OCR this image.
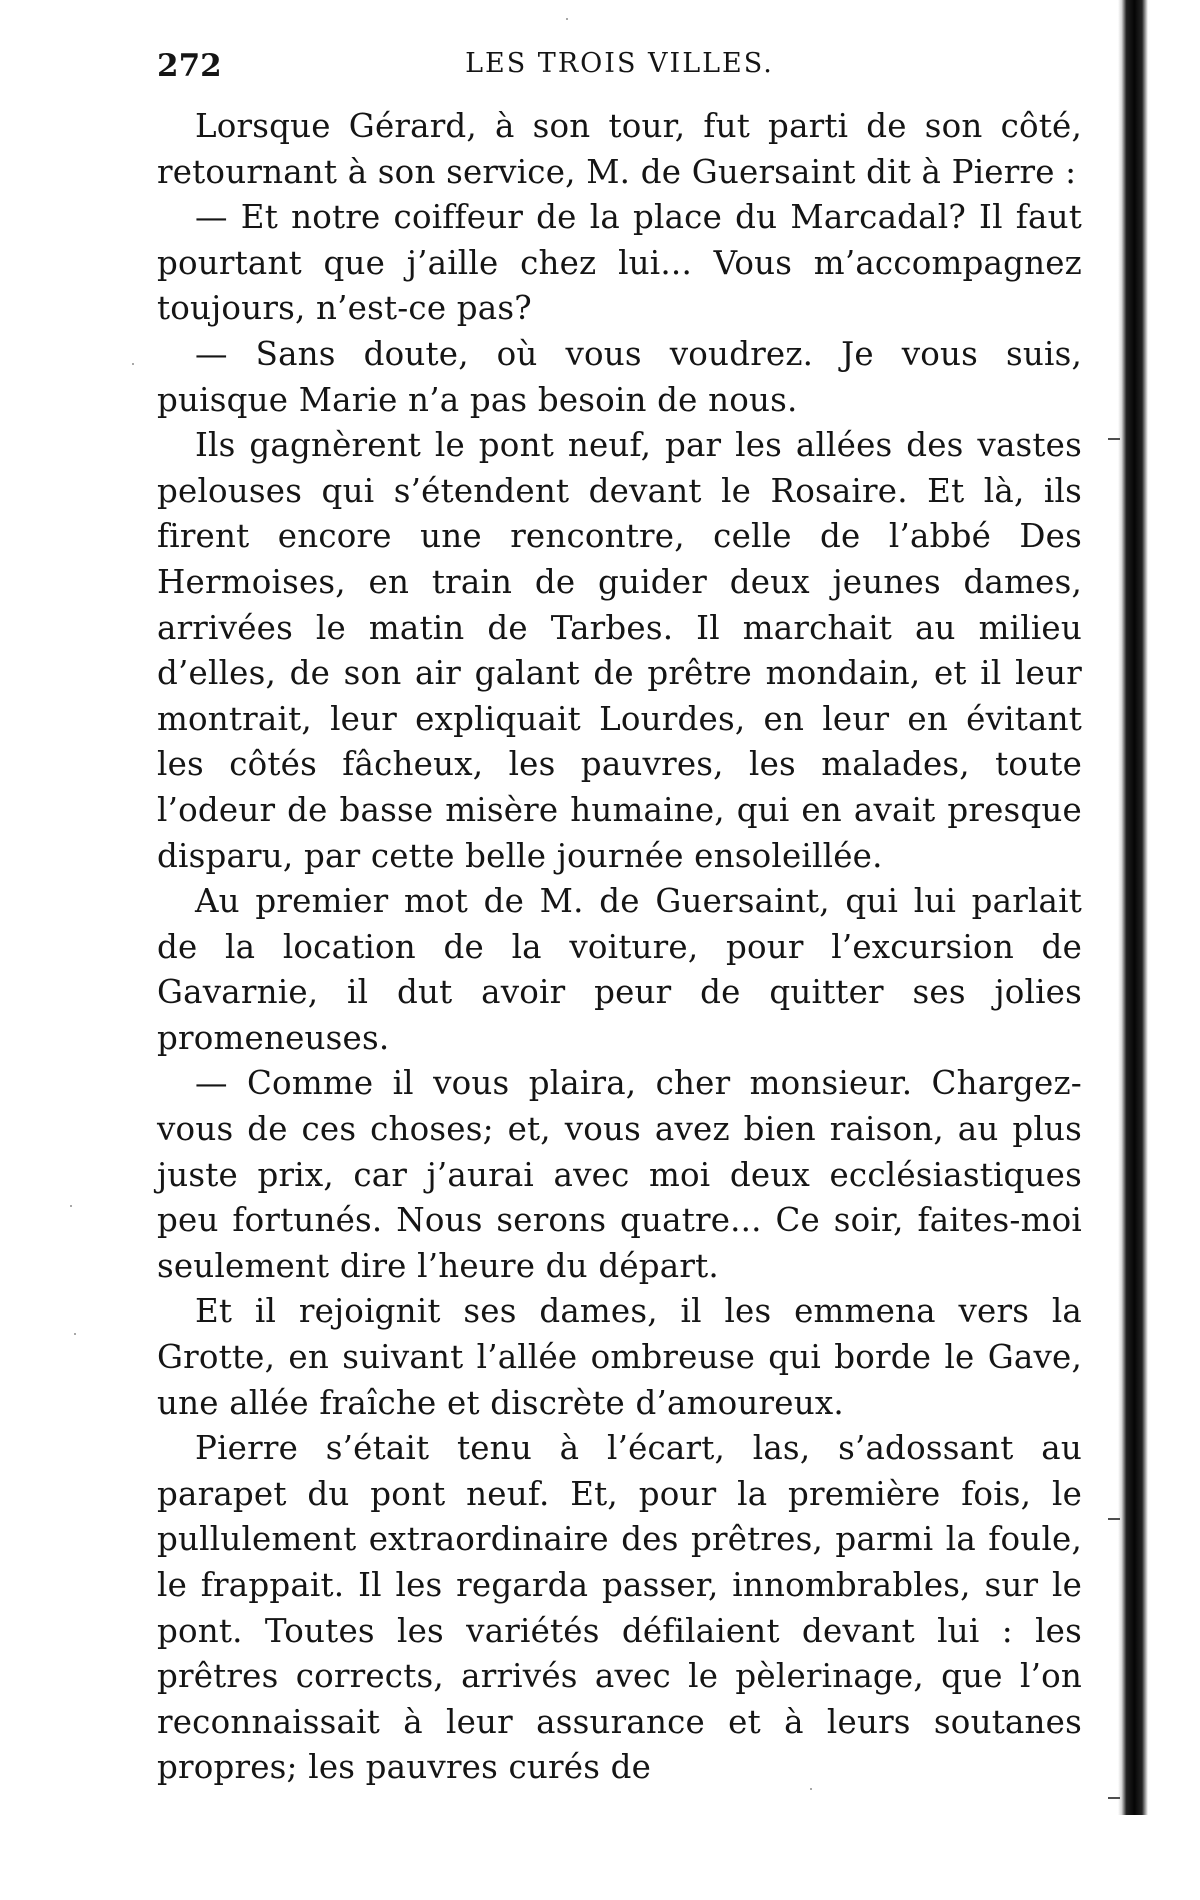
272	LES TROIS VILLES.

Lorsque Gérard, à son tour, fut parti de son côté, retournant à son service, M. de Guersaint dit à Pierre :

— Et notre coiffeur de la place du Marcadal? Il faut pourtant que j’aille chez lui... Vous m’accompagnez toujours, n’est-ce pas?

— Sans doute, où vous voudrez. Je vous suis, puisque Marie n’a pas besoin de nous.

Ils gagnèrent le pont neuf, par les allées des vastes pelouses qui s’étendent devant le Rosaire. Et là, ils firent encore une rencontre, celle de l’abbé Des Hermoises, en train de guider deux jeunes dames, arrivées le matin de Tarbes. Il marchait au milieu d’elles, de son air galant de prêtre mondain, et il leur montrait, leur expliquait Lourdes, en leur en évitant les côtés fâcheux, les pauvres, les malades, toute l’odeur de basse misère humaine, qui en avait presque disparu, par cette belle journée ensoleillée.

Au premier mot de M. de Guersaint, qui lui parlait de la location de la voiture, pour l’excursion de Gavarnie, il dut avoir peur de quitter ses jolies promeneuses.

— Comme il vous plaira, cher monsieur. Chargez-vous de ces choses; et, vous avez bien raison, au plus juste prix, car j’aurai avec moi deux ecclésiastiques peu fortunés. Nous serons quatre... Ce soir, faites-moi seulement dire l’heure du départ.

Et il rejoignit ses dames, il les emmena vers la Grotte, en suivant l’allée ombreuse qui borde le Gave, une allée fraîche et discrète d’amoureux.

Pierre s’était tenu à l’écart, las, s’adossant au parapet du pont neuf. Et, pour la première fois, le pullulement extraordinaire des prêtres, parmi la foule, le frappait. Il les regarda passer, innombrables, sur le pont. Toutes les variétés défilaient devant lui : les prêtres corrects, arrivés avec le pèlerinage, que l’on reconnaissait à leur assurance et à leurs soutanes propres; les pauvres curés de
